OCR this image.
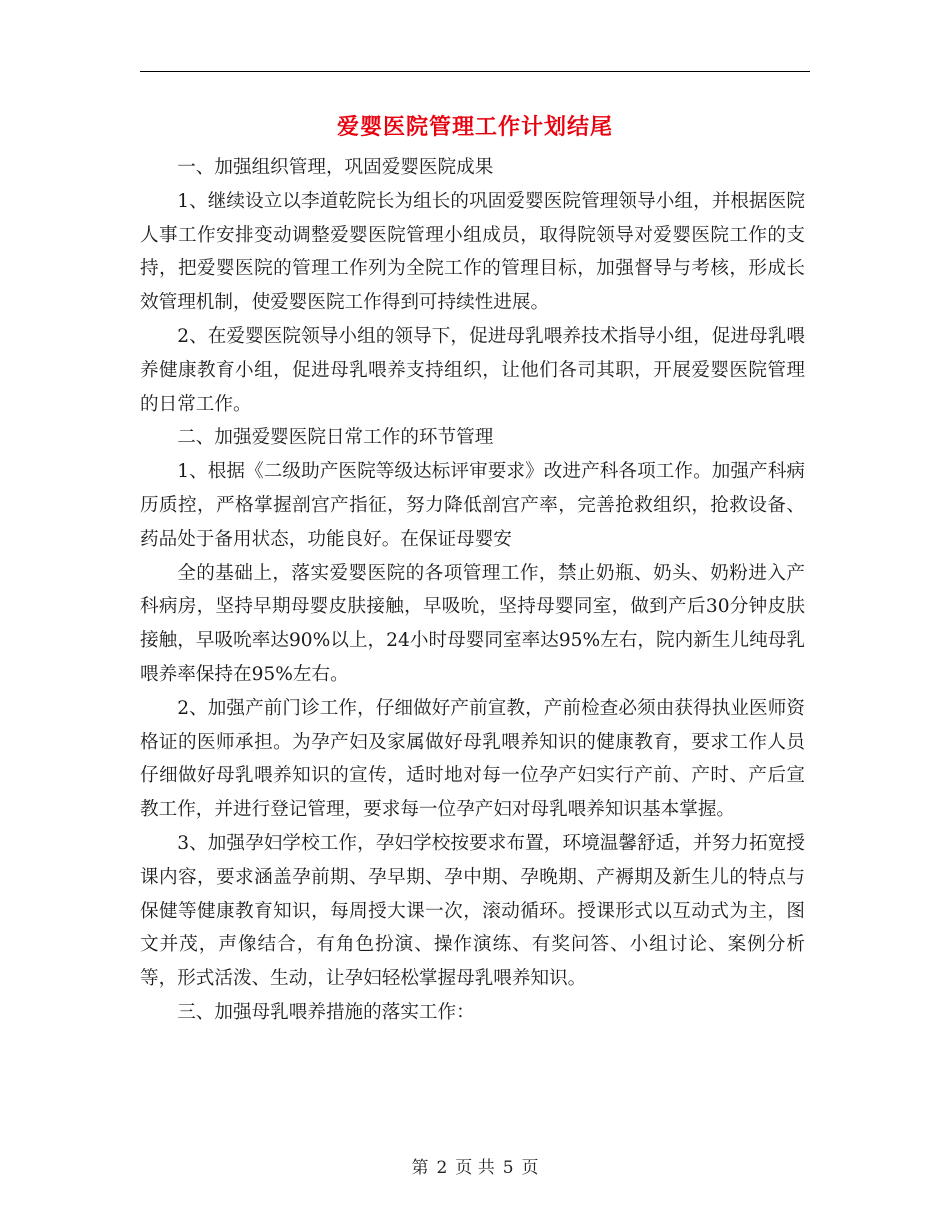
爱婴医院管理工作计划结尾

一、加强组织管理，巩固爱婴医院成果

1、继续设立以李道乾院长为组长的巩固爱婴医院管理领导小组，并根据医院人事工作安排变动调整爱婴医院管理小组成员，取得院领导对爱婴医院工作的支持，把爱婴医院的管理工作列为全院工作的管理目标，加强督导与考核，形成长效管理机制，使爱婴医院工作得到可持续性进展。

2、在爱婴医院领导小组的领导下，促进母乳喂养技术指导小组，促进母乳喂养健康教育小组，促进母乳喂养支持组织，让他们各司其职，开展爱婴医院管理的日常工作。

二、加强爱婴医院日常工作的环节管理

1、根据《二级助产医院等级达标评审要求》改进产科各项工作。加强产科病历质控，严格掌握剖宫产指征，努力降低剖宫产率，完善抢救组织，抢救设备、药品处于备用状态，功能良好。在保证母婴安

全的基础上，落实爱婴医院的各项管理工作，禁止奶瓶、奶头、奶粉进入产科病房，坚持早期母婴皮肤接触，早吸吮，坚持母婴同室，做到产后30分钟皮肤接触，早吸吮率达90%以上，24小时母婴同室率达95%左右，院内新生儿纯母乳喂养率保持在95%左右。

2、加强产前门诊工作，仔细做好产前宣教，产前检查必须由获得执业医师资格证的医师承担。为孕产妇及家属做好母乳喂养知识的健康教育，要求工作人员仔细做好母乳喂养知识的宣传，适时地对每一位孕产妇实行产前、产时、产后宣教工作，并进行登记管理，要求每一位孕产妇对母乳喂养知识基本掌握。

3、加强孕妇学校工作，孕妇学校按要求布置，环境温馨舒适，并努力拓宽授课内容，要求涵盖孕前期、孕早期、孕中期、孕晚期、产褥期及新生儿的特点与保健等健康教育知识，每周授大课一次，滚动循环。授课形式以互动式为主，图文并茂，声像结合，有角色扮演、操作演练、有奖问答、小组讨论、案例分析等，形式活泼、生动，让孕妇轻松掌握母乳喂养知识。

三、加强母乳喂养措施的落实工作：

第 2 页 共 5 页
